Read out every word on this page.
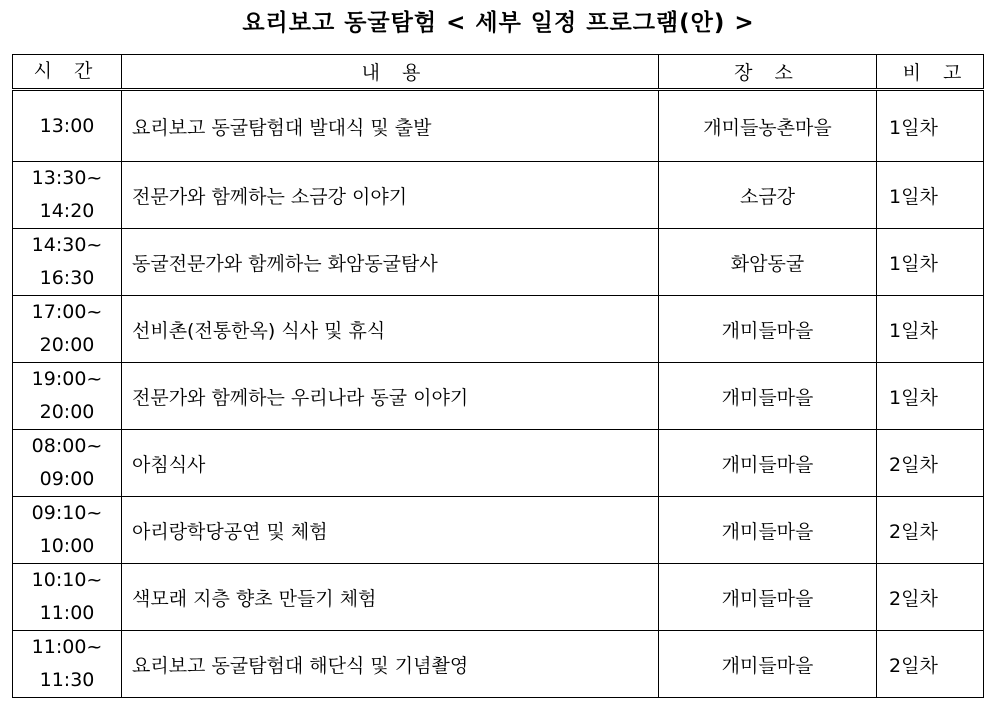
요리보고 동굴탐험 < 세부 일정 프로그램(안) >
시 간	내 용	장 소	비 고

13:00	요리보고 동굴탐험대 발대식 및 출발	개미들농촌마을	1일차

13:30~
14:20	전문가와 함께하는 소금강 이야기	소금강	1일차

14:30~
16:30	동굴전문가와 함께하는 화암동굴탐사	화암동굴	1일차

17:00~
20:00	선비촌(전통한옥) 식사 및 휴식	개미들마을	1일차

19:00~
20:00	전문가와 함께하는 우리나라 동굴 이야기	개미들마을	1일차

08:00~
09:00	아침식사	개미들마을	2일차

09:10~
10:00	아리랑학당공연 및 체험	개미들마을	2일차

10:10~
11:00	색모래 지층 향초 만들기 체험	개미들마을	2일차

11:00~
11:30	요리보고 동굴탐험대 해단식 및 기념촬영	개미들마을	2일차
